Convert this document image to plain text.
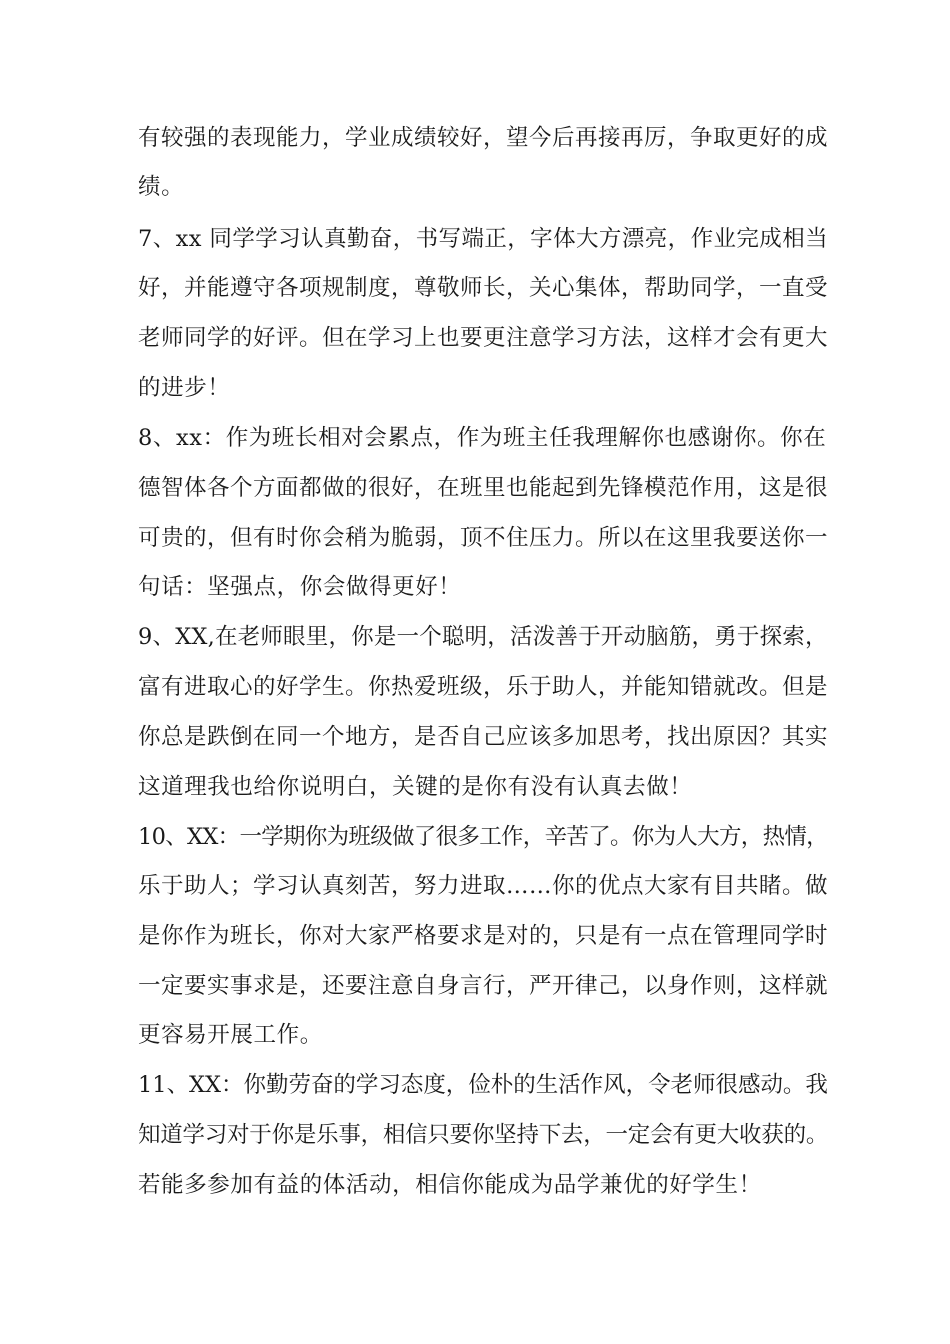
有较强的表现能力，学业成绩较好，望今后再接再厉，争取更好的成
绩。
7、xx 同学学习认真勤奋，书写端正，字体大方漂亮，作业完成相当
好，并能遵守各项规制度，尊敬师长，关心集体，帮助同学，一直受
老师同学的好评。但在学习上也要更注意学习方法，这样才会有更大
的进步！
8、xx：作为班长相对会累点，作为班主任我理解你也感谢你。你在
德智体各个方面都做的很好，在班里也能起到先锋模范作用，这是很
可贵的，但有时你会稍为脆弱，顶不住压力。所以在这里我要送你一
句话：坚强点，你会做得更好！
9、XX,在老师眼里，你是一个聪明，活泼善于开动脑筋，勇于探索，
富有进取心的好学生。你热爱班级，乐于助人，并能知错就改。但是
你总是跌倒在同一个地方，是否自己应该多加思考，找出原因？其实
这道理我也给你说明白，关键的是你有没有认真去做！
10、XX：一学期你为班级做了很多工作，辛苦了。你为人大方，热情，
乐于助人；学习认真刻苦，努力进取……你的优点大家有目共睹。做
是你作为班长，你对大家严格要求是对的，只是有一点在管理同学时
一定要实事求是，还要注意自身言行，严开律己，以身作则，这样就
更容易开展工作。
11、XX：你勤劳奋的学习态度，俭朴的生活作风，令老师很感动。我
知道学习对于你是乐事，相信只要你坚持下去，一定会有更大收获的。
若能多参加有益的体活动，相信你能成为品学兼优的好学生！
